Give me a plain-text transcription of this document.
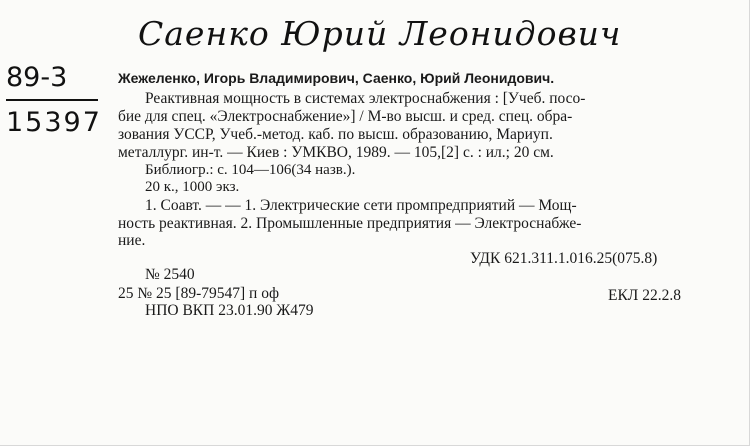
Саенко Юрий Леонидович
89-3
15397
Жежеленко, Игорь Владимирович, Саенко, Юрий Леонидович.
Реактивная мощность в системах электроснабжения : [Учеб. посо-
бие для спец. «Электроснабжение»] / М-во высш. и сред. спец. обра-
зования УССР, Учеб.-метод. каб. по высш. образованию, Мариуп.
металлург. ин-т. — Киев : УМКВО, 1989. — 105,[2] с. : ил.; 20 см.
Библиогр.: с. 104—106(34 назв.).
20 к., 1000 экз.
1. Соавт. — — 1. Электрические сети промпредприятий — Мощ-
ность реактивная. 2. Промышленные предприятия — Электроснабже-
ние.
УДК 621.311.1.016.25(075.8)
№ 2540
25 № 25 [89-79547] п оф	ЕКЛ 22.2.8
НПО ВКП 23.01.90 Ж479
